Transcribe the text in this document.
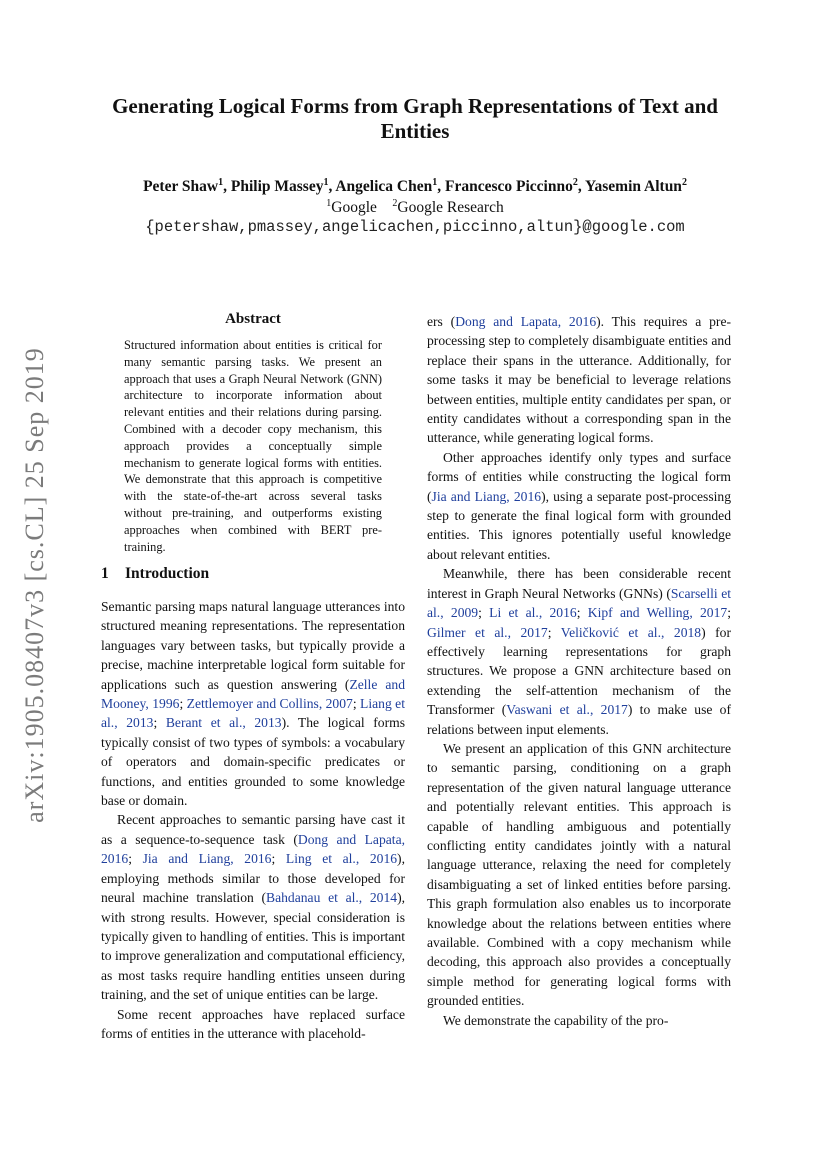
arXiv:1905.08407v3 [cs.CL] 25 Sep 2019
Generating Logical Forms from Graph Representations of Text and
Entities
Peter Shaw$^1$, Philip Massey$^1$, Angelica Chen$^1$, Francesco Piccinno$^2$, Yasemin Altun$^2$
$^1$Google $^2$Google Research
{petershaw,pmassey,angelicachen,piccinno,altun}@google.com
Abstract
Structured information about entities is critical for many semantic parsing tasks. We present an approach that uses a Graph Neural Network (GNN) architecture to incorporate information about relevant entities and their relations during parsing. Combined with a decoder copy mechanism, this approach provides a conceptually simple mechanism to generate logical forms with entities. We demonstrate that this approach is competitive with the state-of-the-art across several tasks without pre-training, and outperforms existing approaches when combined with BERT pre-training.
1 Introduction

Semantic parsing maps natural language utterances into structured meaning representations. The representation languages vary between tasks, but typically provide a precise, machine interpretable logical form suitable for applications such as question answering (Zelle and Mooney, 1996; Zettlemoyer and Collins, 2007; Liang et al., 2013; Berant et al., 2013). The logical forms typically consist of two types of symbols: a vocabulary of operators and domain-specific predicates or functions, and entities grounded to some knowledge base or domain.

Recent approaches to semantic parsing have cast it as a sequence-to-sequence task (Dong and Lapata, 2016; Jia and Liang, 2016; Ling et al., 2016), employing methods similar to those developed for neural machine translation (Bahdanau et al., 2014), with strong results. However, special consideration is typically given to handling of entities. This is important to improve generalization and computational efficiency, as most tasks require handling entities unseen during training, and the set of unique entities can be large.

Some recent approaches have replaced surface forms of entities in the utterance with placehold-

ers (Dong and Lapata, 2016). This requires a pre-processing step to completely disambiguate entities and replace their spans in the utterance. Additionally, for some tasks it may be beneficial to leverage relations between entities, multiple entity candidates per span, or entity candidates without a corresponding span in the utterance, while generating logical forms.

Other approaches identify only types and surface forms of entities while constructing the logical form (Jia and Liang, 2016), using a separate post-processing step to generate the final logical form with grounded entities. This ignores potentially useful knowledge about relevant entities.

Meanwhile, there has been considerable recent interest in Graph Neural Networks (GNNs) (Scarselli et al., 2009; Li et al., 2016; Kipf and Welling, 2017; Gilmer et al., 2017; Veličković et al., 2018) for effectively learning representations for graph structures. We propose a GNN architecture based on extending the self-attention mechanism of the Transformer (Vaswani et al., 2017) to make use of relations between input elements.

We present an application of this GNN architecture to semantic parsing, conditioning on a graph representation of the given natural language utterance and potentially relevant entities. This approach is capable of handling ambiguous and potentially conflicting entity candidates jointly with a natural language utterance, relaxing the need for completely disambiguating a set of linked entities before parsing. This graph formulation also enables us to incorporate knowledge about the relations between entities where available. Combined with a copy mechanism while decoding, this approach also provides a conceptually simple method for generating logical forms with grounded entities.

We demonstrate the capability of the pro-
